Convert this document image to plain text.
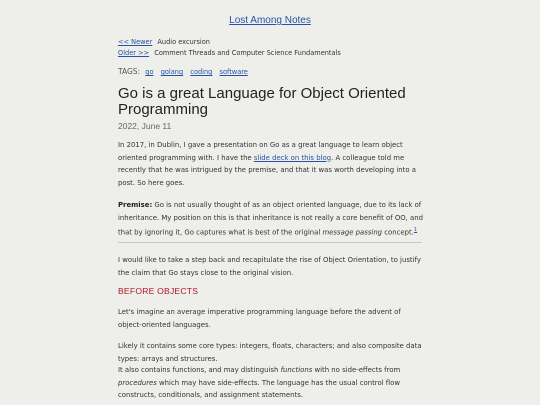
Lost Among Notes
<< Newer Audio excursion
Older >> Comment Threads and Computer Science Fundamentals
TAGS: go golang coding software
Go is a great Language for Object Oriented Programming
2022, June 11

In 2017, in Dublin, I gave a presentation on Go as a great language to learn object oriented programming with. I have the slide deck on this blog. A colleague told me recently that he was intrigued by the premise, and that it was worth developing into a post. So here goes.

Premise: Go is not usually thought of as an object oriented language, due to its lack of inheritance. My position on this is that inheritance is not really a core benefit of OO, and that by ignoring it, Go captures what is best of the original message passing concept.$^1$

I would like to take a step back and recapitulate the rise of Object Orientation, to justify the claim that Go stays close to the original vision.

BEFORE OBJECTS

Let's imagine an average imperative programming language before the advent of object-oriented languages.

Likely it contains some core types: integers, floats, characters; and also composite data types: arrays and structures.

It also contains functions, and may distinguish functions with no side-effects from procedures which may have side-effects. The language has the usual control flow constructs, conditionals, and assignment statements.
